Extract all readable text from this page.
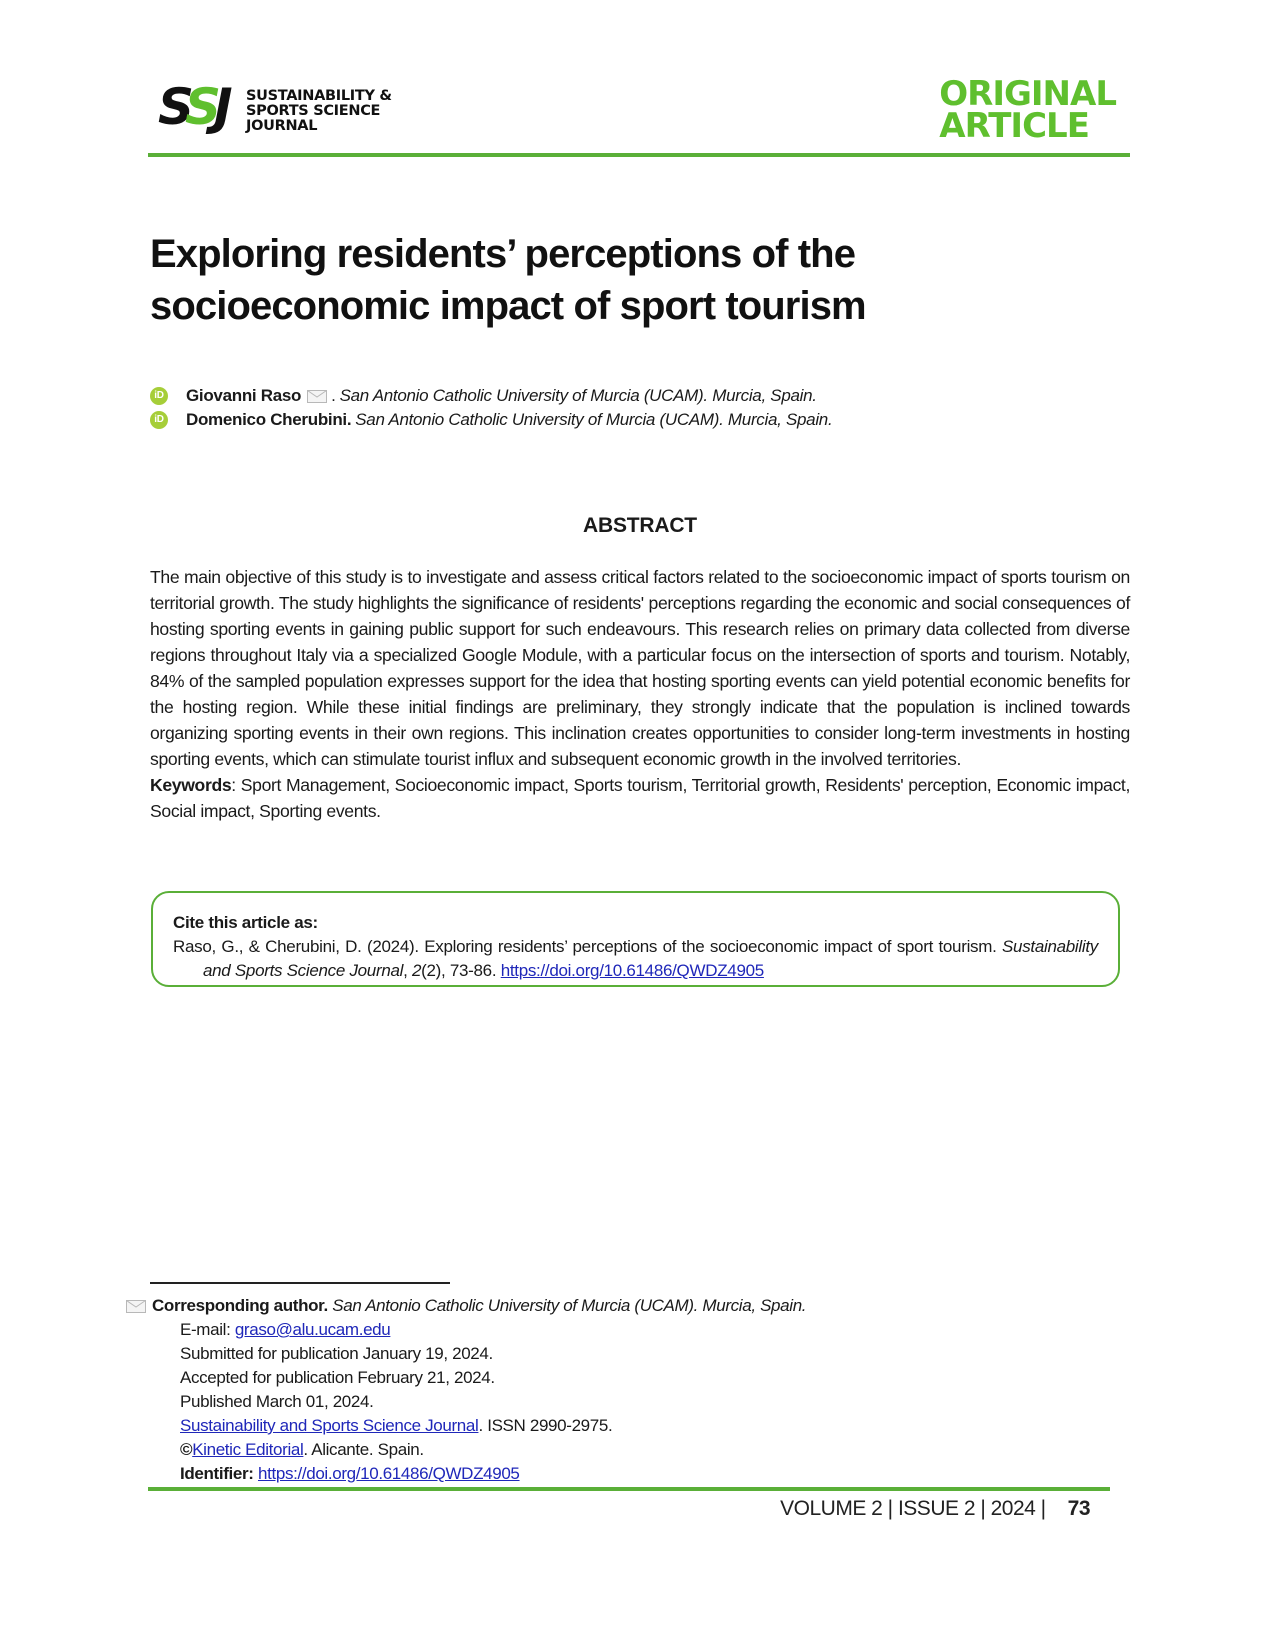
S
S
J SUSTAINABILITY &
SPORTS SCIENCE
JOURNAL
ORIGINAL
ARTICLE
Exploring residents’ perceptions of the socioeconomic impact of sport tourism
iD Giovanni Raso . San Antonio Catholic University of Murcia (UCAM). Murcia, Spain.
iD Domenico Cherubini. San Antonio Catholic University of Murcia (UCAM). Murcia, Spain.
ABSTRACT

The main objective of this study is to investigate and assess critical factors related to the socioeconomic impact of sports tourism on territorial growth. The study highlights the significance of residents' perceptions regarding the economic and social consequences of hosting sporting events in gaining public support for such endeavours. This research relies on primary data collected from diverse regions throughout Italy via a specialized Google Module, with a particular focus on the intersection of sports and tourism. Notably, 84% of the sampled population expresses support for the idea that hosting sporting events can yield potential economic benefits for the hosting region. While these initial findings are preliminary, they strongly indicate that the population is inclined towards organizing sporting events in their own regions. This inclination creates opportunities to consider long-term investments in hosting sporting events, which can stimulate tourist influx and subsequent economic growth in the involved territories.

Keywords: Sport Management, Socioeconomic impact, Sports tourism, Territorial growth, Residents' perception, Economic impact, Social impact, Sporting events.

Cite this article as:
Raso, G., & Cherubini, D. (2024). Exploring residents’ perceptions of the socioeconomic impact of sport tourism. Sustainability and Sports Science Journal, 2(2), 73-86. https://doi.org/10.61486/QWDZ4905
Corresponding author.
San Antonio Catholic University of Murcia (UCAM). Murcia, Spain.
E-mail: graso@alu.ucam.edu
Submitted for publication January 19, 2024.
Accepted for publication February 21, 2024.
Published March 01, 2024.
Sustainability and Sports Science Journal. ISSN 2990-2975.
©Kinetic Editorial. Alicante. Spain.
Identifier: https://doi.org/10.61486/QWDZ4905
VOLUME 2 | ISSUE 2 | 2024 | 73
